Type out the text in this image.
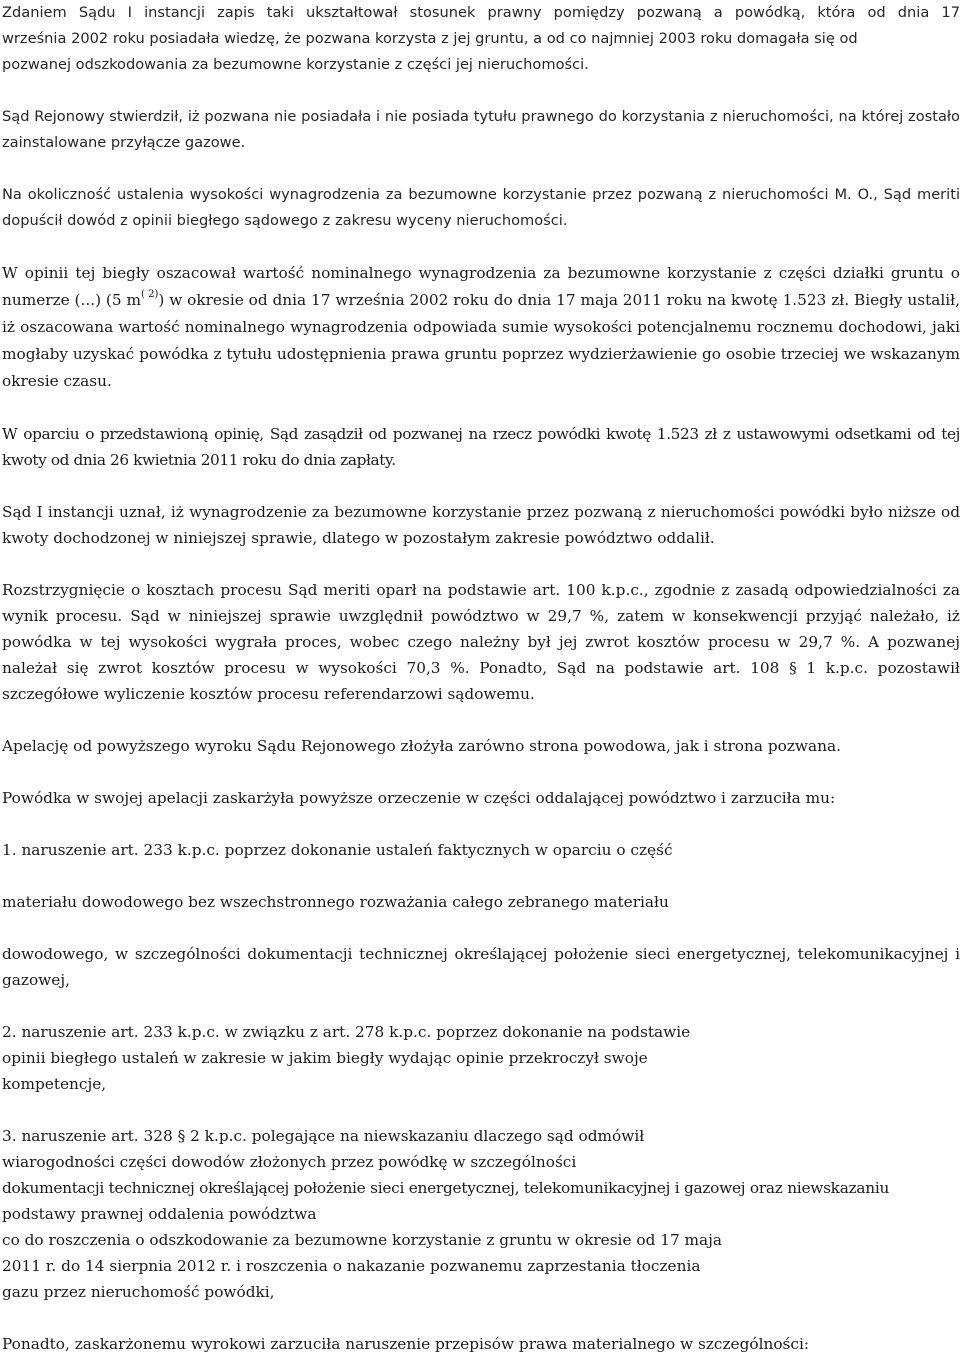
Zdaniem Sądu I instancji zapis taki ukształtował stosunek prawny pomiędzy pozwaną a powódką, która od dnia 17

września 2002 roku posiadała wiedzę, że pozwana korzysta z jej gruntu, a od co najmniej 2003 roku domagała się od

pozwanej odszkodowania za bezumowne korzystanie z części jej nieruchomości.

Sąd Rejonowy stwierdził, iż pozwana nie posiadała i nie posiada tytułu prawnego do korzystania z nieruchomości, na której zostało zainstalowane przyłącze gazowe.

Na okoliczność ustalenia wysokości wynagrodzenia za bezumowne korzystanie przez pozwaną z nieruchomości M. O., Sąd meriti dopuścił dowód z opinii biegłego sądowego z zakresu wyceny nieruchomości.

W opinii tej biegły oszacował wartość nominalnego wynagrodzenia za bezumowne korzystanie z części działki gruntu o numerze (...) (5 m$^{( 2)}$) w okresie od dnia 17 września 2002 roku do dnia 17 maja 2011 roku na kwotę 1.523 zł. Biegły ustalił, iż oszacowana wartość nominalnego wynagrodzenia odpowiada sumie wysokości potencjalnemu rocznemu dochodowi, jaki mogłaby uzyskać powódka z tytułu udostępnienia prawa gruntu poprzez wydzierżawienie go osobie trzeciej we wskazanym okresie czasu.

W oparciu o przedstawioną opinię, Sąd zasądził od pozwanej na rzecz powódki kwotę 1.523 zł z ustawowymi odsetkami od tej kwoty od dnia 26 kwietnia 2011 roku do dnia zapłaty.

Sąd I instancji uznał, iż wynagrodzenie za bezumowne korzystanie przez pozwaną z nieruchomości powódki było niższe od kwoty dochodzonej w niniejszej sprawie, dlatego w pozostałym zakresie powództwo oddalił.

Rozstrzygnięcie o kosztach procesu Sąd meriti oparł na podstawie art. 100 k.p.c., zgodnie z zasadą odpowiedzialności za wynik procesu. Sąd w niniejszej sprawie uwzględnił powództwo w 29,7 %, zatem w konsekwencji przyjąć należało, iż powódka w tej wysokości wygrała proces, wobec czego należny był jej zwrot kosztów procesu w 29,7 %. A pozwanej należał się zwrot kosztów procesu w wysokości 70,3 %. Ponadto, Sąd na podstawie art. 108 § 1 k.p.c. pozostawił szczegółowe wyliczenie kosztów procesu referendarzowi sądowemu.

Apelację od powyższego wyroku Sądu Rejonowego złożyła zarówno strona powodowa, jak i strona pozwana.

Powódka w swojej apelacji zaskarżyła powyższe orzeczenie w części oddalającej powództwo i zarzuciła mu:

1. naruszenie art. 233 k.p.c. poprzez dokonanie ustaleń faktycznych w oparciu o część

materiału dowodowego bez wszechstronnego rozważania całego zebranego materiału

dowodowego, w szczególności dokumentacji technicznej określającej położenie sieci energetycznej, telekomunikacyjnej i gazowej,

2. naruszenie art. 233 k.p.c. w związku z art. 278 k.p.c. poprzez dokonanie na podstawie

opinii biegłego ustaleń w zakresie w jakim biegły wydając opinie przekroczył swoje

kompetencje,

3. naruszenie art. 328 § 2 k.p.c. polegające na niewskazaniu dlaczego sąd odmówił

wiarogodności części dowodów złożonych przez powódkę w szczególności

dokumentacji technicznej określającej położenie sieci energetycznej, telekomunikacyjnej i gazowej oraz niewskazaniu

podstawy prawnej oddalenia powództwa

co do roszczenia o odszkodowanie za bezumowne korzystanie z gruntu w okresie od 17 maja

2011 r. do 14 sierpnia 2012 r. i roszczenia o nakazanie pozwanemu zaprzestania tłoczenia

gazu przez nieruchomość powódki,

Ponadto, zaskarżonemu wyrokowi zarzuciła naruszenie przepisów prawa materialnego w szczególności:
